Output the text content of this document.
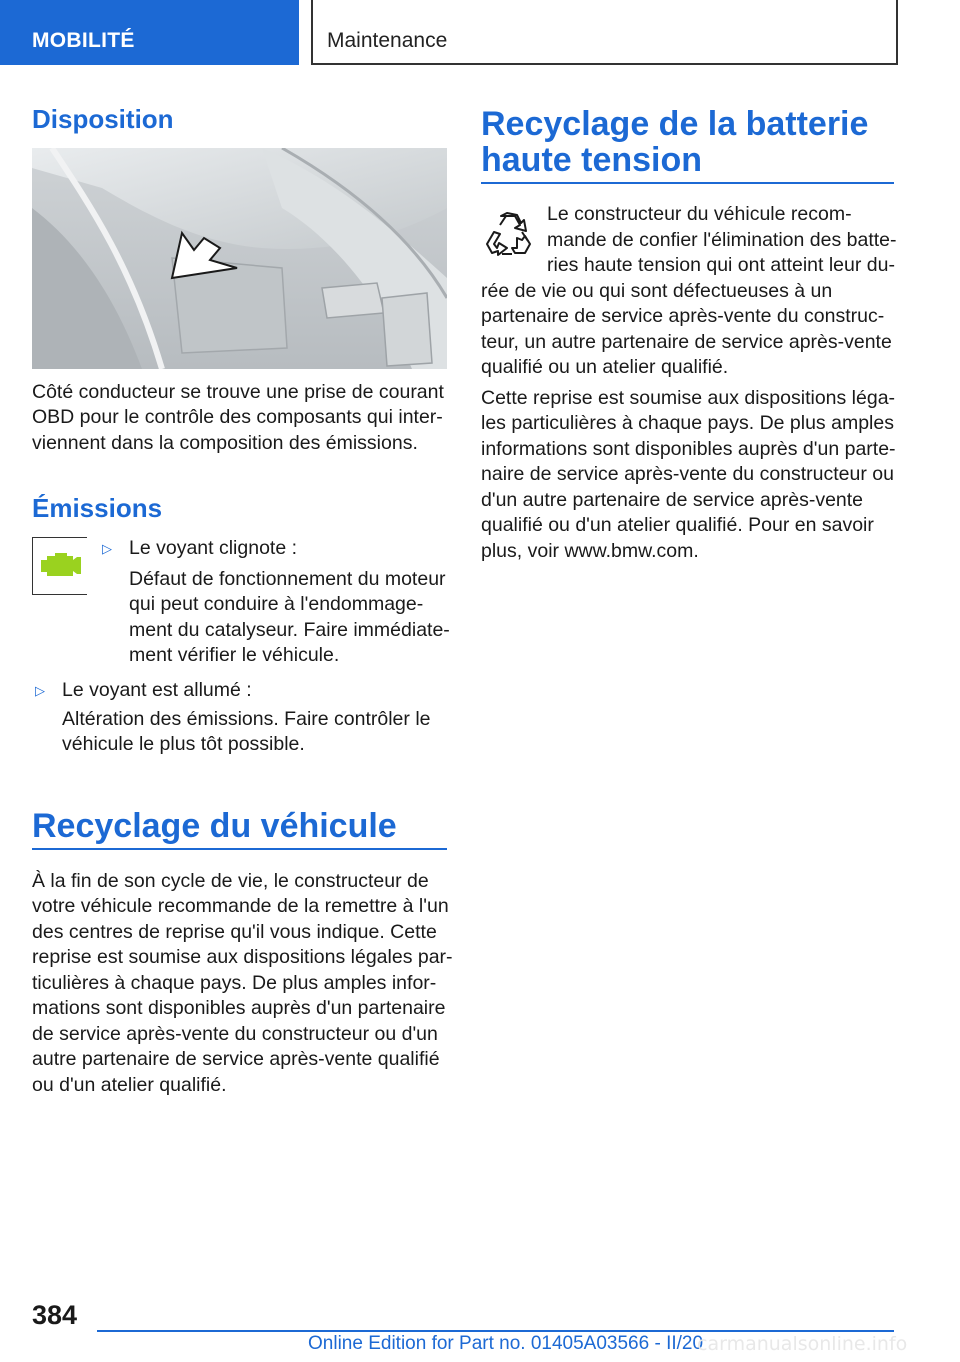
MOBILITÉ	Maintenance
Disposition

Côté conducteur se trouve une prise de courant

OBD pour le contrôle des composants qui inter-

viennent dans la composition des émissions.

Émissions
▷ Le voyant clignote :

Défaut de fonctionnement du moteur

qui peut conduire à l'endommage-

ment du catalyseur. Faire immédiate-

ment vérifier le véhicule.

▷ Le voyant est allumé :

Altération des émissions. Faire contrôler le

véhicule le plus tôt possible.

Recyclage du véhicule

À la fin de son cycle de vie, le constructeur de

votre véhicule recommande de la remettre à l'un

des centres de reprise qu'il vous indique. Cette

reprise est soumise aux dispositions légales par-

ticulières à chaque pays. De plus amples infor-

mations sont disponibles auprès d'un partenaire

de service après-vente du constructeur ou d'un

autre partenaire de service après-vente qualifié

ou d'un atelier qualifié.

Recyclage de la batterie
haute tension

Le constructeur du véhicule recom-

mande de confier l'élimination des batte-

ries haute tension qui ont atteint leur du-

rée de vie ou qui sont défectueuses à un

partenaire de service après-vente du construc-

teur, un autre partenaire de service après-vente

qualifié ou un atelier qualifié.

Cette reprise est soumise aux dispositions léga-

les particulières à chaque pays. De plus amples

informations sont disponibles auprès d'un parte-

naire de service après-vente du constructeur ou

d'un autre partenaire de service après-vente

qualifié ou d'un atelier qualifié. Pour en savoir

plus, voir www.bmw.com.

384
Online Edition for Part no. 01405A03566 - II/20
carmanualsonline.info
